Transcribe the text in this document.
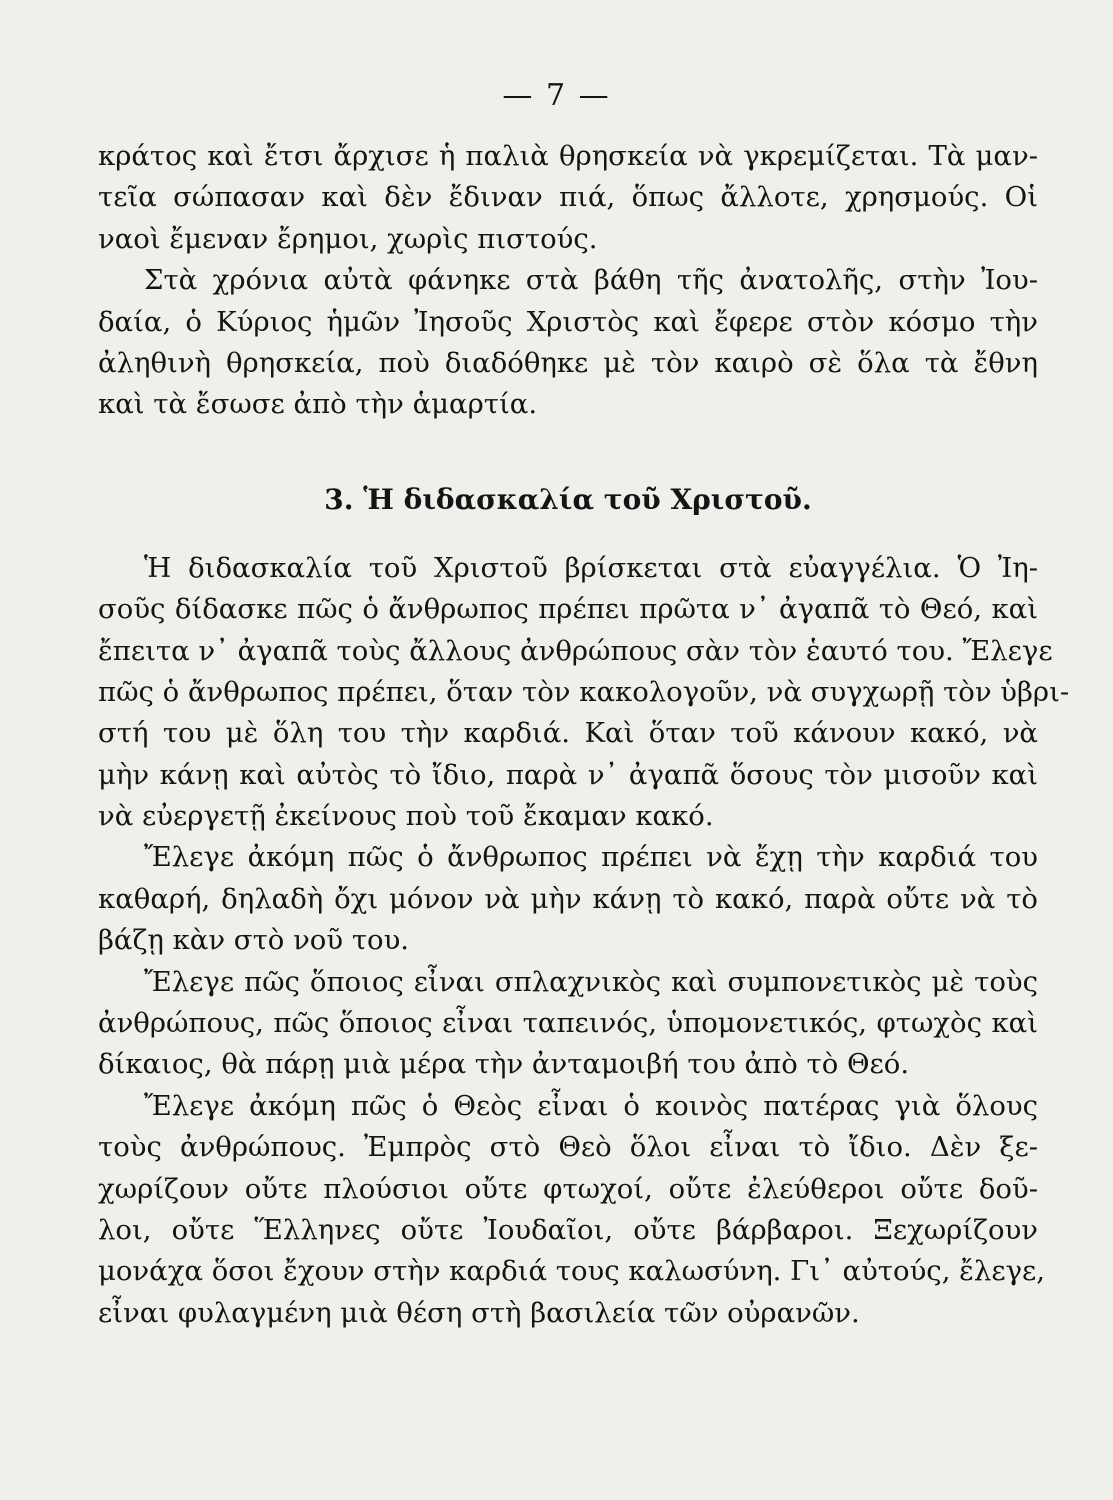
— 7 —
κράτος καὶ ἔτσι ἄρχισε ἡ παλιὰ θρησκεία νὰ γκρεμίζεται. Τὰ μαν-
τεῖα σώπασαν καὶ δὲν ἔδιναν πιά, ὅπως ἄλλοτε, χρησμούς. Οἱ
ναοὶ ἔμεναν ἔρημοι, χωρὶς πιστούς.
Στὰ χρόνια αὐτὰ φάνηκε στὰ βάθη τῆς ἀνατολῆς, στὴν Ἰου-
δαία, ὁ Κύριος ἡμῶν Ἰησοῦς Χριστὸς καὶ ἔφερε στὸν κόσμο τὴν
ἀληθινὴ θρησκεία, ποὺ διαδόθηκε μὲ τὸν καιρὸ σὲ ὅλα τὰ ἔθνη
καὶ τὰ ἔσωσε ἀπὸ τὴν ἁμαρτία.
3. Ἡ διδασκαλία τοῦ Χριστοῦ.
Ἡ διδασκαλία τοῦ Χριστοῦ βρίσκεται στὰ εὐαγγέλια. Ὁ Ἰη-
σοῦς δίδασκε πῶς ὁ ἄνθρωπος πρέπει πρῶτα ν᾿ ἀγαπᾶ τὸ Θεό, καὶ
ἔπειτα ν᾿ ἀγαπᾶ τοὺς ἄλλους ἀνθρώπους σὰν τὸν ἑαυτό του. Ἔλεγε
πῶς ὁ ἄνθρωπος πρέπει, ὅταν τὸν κακολογοῦν, νὰ συγχωρῇ τὸν ὑβρι-
στή του μὲ ὅλη του τὴν καρδιά. Καὶ ὅταν τοῦ κάνουν κακό, νὰ
μὴν κάνῃ καὶ αὐτὸς τὸ ἴδιο, παρὰ ν᾿ ἀγαπᾶ ὅσους τὸν μισοῦν καὶ
νὰ εὐεργετῇ ἐκείνους ποὺ τοῦ ἔκαμαν κακό.
Ἔλεγε ἀκόμη πῶς ὁ ἄνθρωπος πρέπει νὰ ἔχῃ τὴν καρδιά του
καθαρή, δηλαδὴ ὄχι μόνον νὰ μὴν κάνῃ τὸ κακό, παρὰ οὔτε νὰ τὸ
βάζῃ κὰν στὸ νοῦ του.
Ἔλεγε πῶς ὅποιος εἶναι σπλαχνικὸς καὶ συμπονετικὸς μὲ τοὺς
ἀνθρώπους, πῶς ὅποιος εἶναι ταπεινός, ὑπομονετικός, φτωχὸς καὶ
δίκαιος, θὰ πάρῃ μιὰ μέρα τὴν ἀνταμοιβή του ἀπὸ τὸ Θεό.
Ἔλεγε ἀκόμη πῶς ὁ Θεὸς εἶναι ὁ κοινὸς πατέρας γιὰ ὅλους
τοὺς ἀνθρώπους. Ἐμπρὸς στὸ Θεὸ ὅλοι εἶναι τὸ ἴδιο. Δὲν ξε-
χωρίζουν οὔτε πλούσιοι οὔτε φτωχοί, οὔτε ἐλεύθεροι οὔτε δοῦ-
λοι, οὔτε Ἕλληνες οὔτε Ἰουδαῖοι, οὔτε βάρβαροι. Ξεχωρίζουν
μονάχα ὅσοι ἔχουν στὴν καρδιά τους καλωσύνη. Γι᾿ αὐτούς, ἔλεγε,
εἶναι φυλαγμένη μιὰ θέση στὴ βασιλεία τῶν οὐρανῶν.
